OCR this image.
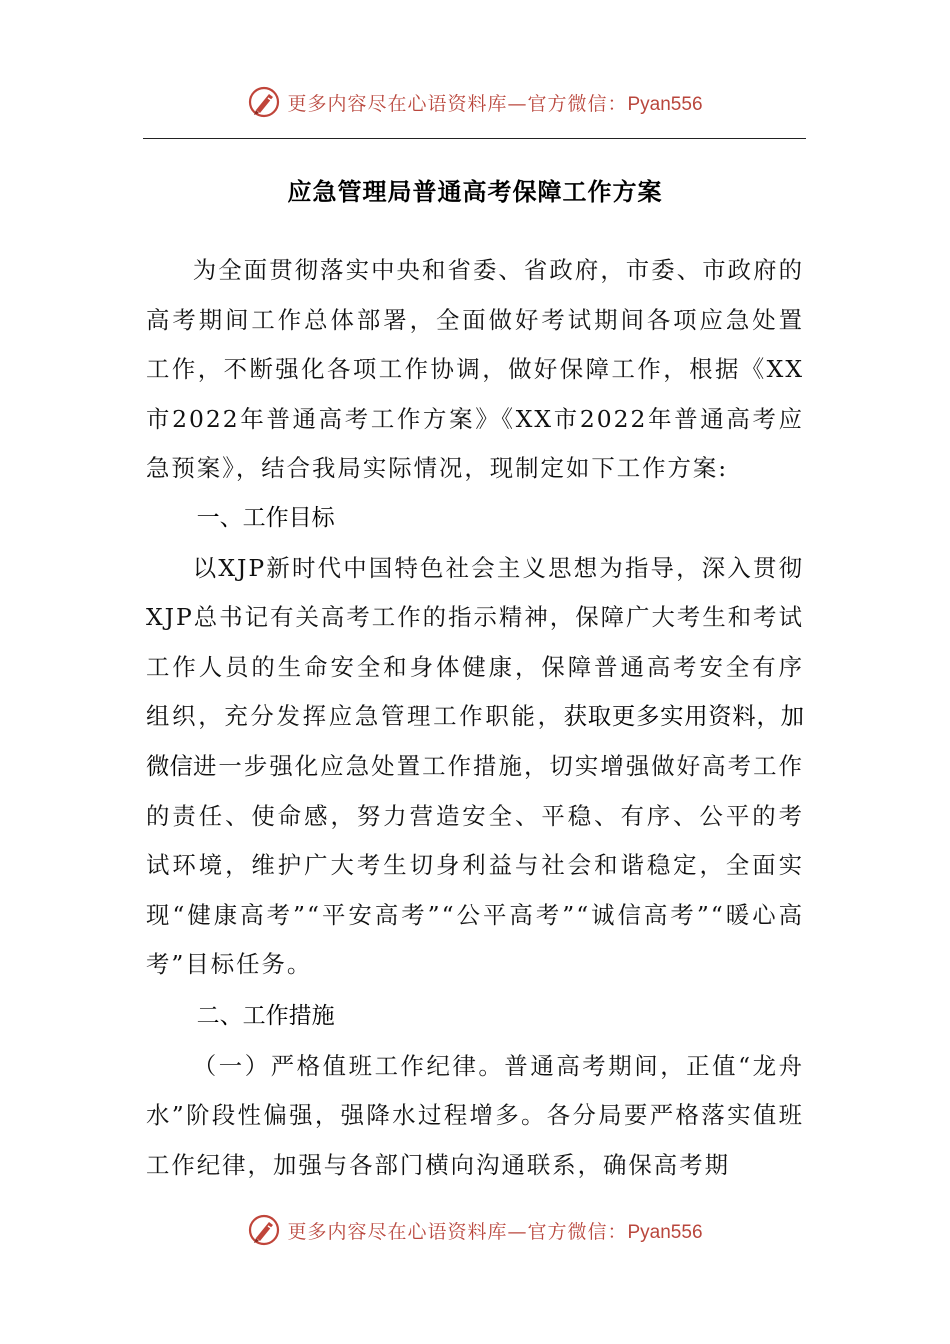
更多内容尽在心语资料库—官方微信：Pyan556
应急管理局普通高考保障工作方案

为全面贯彻落实中央和省委、省政府，市委、市政府的高考期间工作总体部署，全面做好考试期间各项应急处置工作，不断强化各项工作协调，做好保障工作，根据《XX市2022年普通高考工作方案》《XX市2022年普通高考应急预案》，结合我局实际情况，现制定如下工作方案:

一、工作目标

以XJP新时代中国特色社会主义思想为指导，深入贯彻XJP总书记有关高考工作的指示精神，保障广大考生和考试工作人员的生命安全和身体健康，保障普通高考安全有序组织，充分发挥应急管理工作职能，获取更多实用资料，加微信进一步强化应急处置工作措施，切实增强做好高考工作的责任、使命感，努力营造安全、平稳、有序、公平的考试环境，维护广大考生切身利益与社会和谐稳定，全面实现“健康高考”“平安高考”“公平高考”“诚信高考”“暖心高考”目标任务。

二、工作措施

（一）严格值班工作纪律。普通高考期间，正值“龙舟水”阶段性偏强，强降水过程增多。各分局要严格落实值班工作纪律，加强与各部门横向沟通联系，确保高考期

更多内容尽在心语资料库—官方微信：Pyan556
